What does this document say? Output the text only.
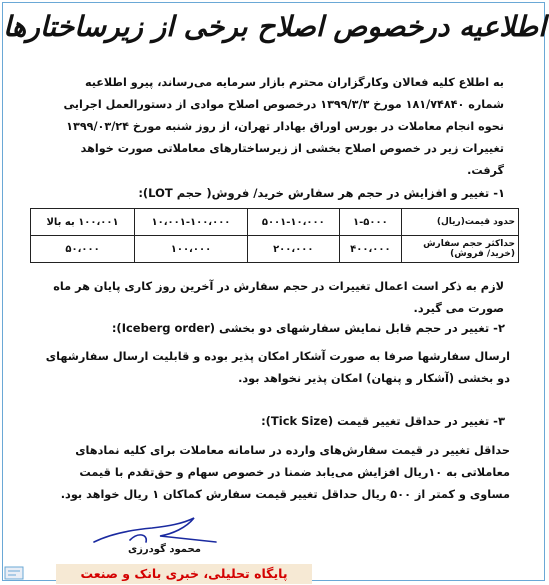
اطلاعیه درخصوص اصلاح برخی از زیرساختارها
به اطلاع کلیه فعالان وکارگزاران محترم بازار سرمایه می‌رساند، پیرو اطلاعیه شماره ۱۸۱/۷۴۸۴۰ مورخ ۱۳۹۹/۳/۳ درخصوص اصلاح موادی از دستورالعمل اجرایی نحوه انجام معاملات در بورس اوراق بهادار تهران، از روز شنبه مورخ ۱۳۹۹/۰۳/۲۴ تغییرات زیر در خصوص اصلاح بخشی از زیرساختارهای معاملاتی صورت خواهد گرفت.
۱- تغییر و افزایش در حجم هر سفارش خرید/ فروش( حجم LOT):
حدود قیمت(ریال)	۱-۵۰۰۰	۵۰۰۱-۱۰،۰۰۰	۱۰،۰۰۱-۱۰۰،۰۰۰	۱۰۰،۰۰۱ به بالا
حداکثر حجم سفارش (خرید/ فروش)	۴۰۰،۰۰۰	۲۰۰،۰۰۰	۱۰۰،۰۰۰	۵۰،۰۰۰
لازم به ذکر است اعمال تغییرات در حجم سفارش در آخرین روز کاری پایان هر ماه صورت می گیرد.
۲- تغییر در حجم قابل نمایش سفارشهای دو بخشی (Iceberg order):
ارسال سفارشها صرفا به صورت آشکار امکان پذیر بوده و قابلیت ارسال سفارشهای دو بخشی (آشکار و پنهان) امکان پذیر نخواهد بود.
۳- تغییر در حداقل تغییر قیمت (Tick Size):
حداقل تغییر در قیمت سفارش‌های وارده در سامانه معاملات برای کلیه نمادهای معاملاتی به ۱۰ریال افزایش می‌یابد ضمنا در خصوص سهام و حق‌تقدم با قیمت مساوی و کمتر از ۵۰۰ ریال حداقل تغییر قیمت سفارش کماکان ۱ ریال خواهد بود.
محمود گودرزی
پایگاه تحلیلی، خبری بانک و صنعت
